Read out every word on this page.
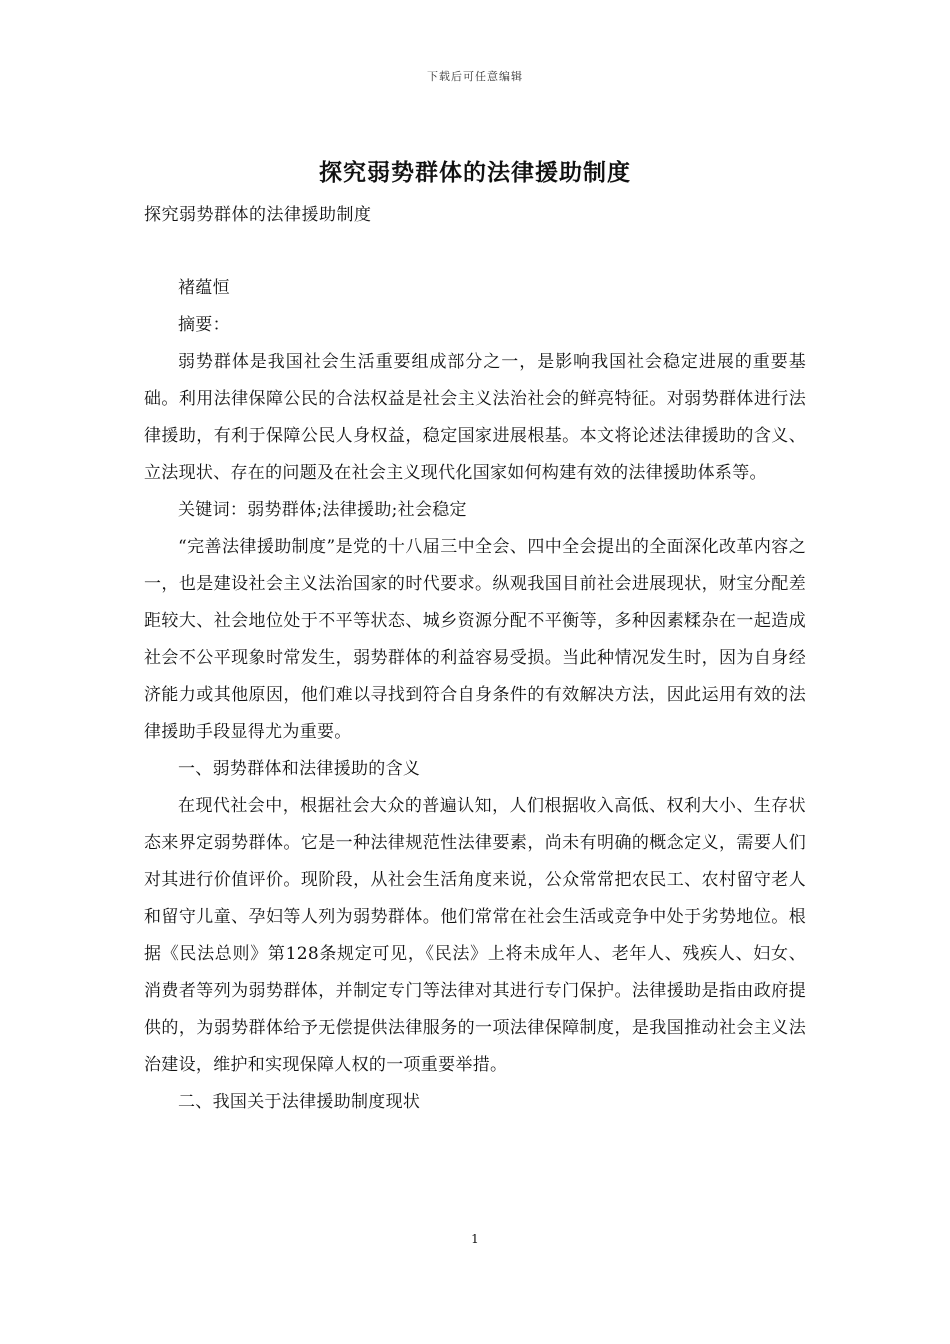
下载后可任意编辑
探究弱势群体的法律援助制度
探究弱势群体的法律援助制度

褚蕴恒

摘要：

弱势群体是我国社会生活重要组成部分之一，是影响我国社会稳定进展的重要基础。利用法律保障公民的合法权益是社会主义法治社会的鲜亮特征。对弱势群体进行法律援助，有利于保障公民人身权益，稳定国家进展根基。本文将论述法律援助的含义、立法现状、存在的问题及在社会主义现代化国家如何构建有效的法律援助体系等。

关键词：弱势群体;法律援助;社会稳定

“完善法律援助制度”是党的十八届三中全会、四中全会提出的全面深化改革内容之一，也是建设社会主义法治国家的时代要求。纵观我国目前社会进展现状，财宝分配差距较大、社会地位处于不平等状态、城乡资源分配不平衡等，多种因素糅杂在一起造成社会不公平现象时常发生，弱势群体的利益容易受损。当此种情况发生时，因为自身经济能力或其他原因，他们难以寻找到符合自身条件的有效解决方法，因此运用有效的法律援助手段显得尤为重要。

一、弱势群体和法律援助的含义

在现代社会中，根据社会大众的普遍认知，人们根据收入高低、权利大小、生存状态来界定弱势群体。它是一种法律规范性法律要素，尚未有明确的概念定义，需要人们对其进行价值评价。现阶段，从社会生活角度来说，公众常常把农民工、农村留守老人和留守儿童、孕妇等人列为弱势群体。他们常常在社会生活或竞争中处于劣势地位。根据《民法总则》第128条规定可见，《民法》上将未成年人、老年人、残疾人、妇女、消费者等列为弱势群体，并制定专门等法律对其进行专门保护。法律援助是指由政府提供的，为弱势群体给予无偿提供法律服务的一项法律保障制度，是我国推动社会主义法治建设，维护和实现保障人权的一项重要举措。

二、我国关于法律援助制度现状

1
